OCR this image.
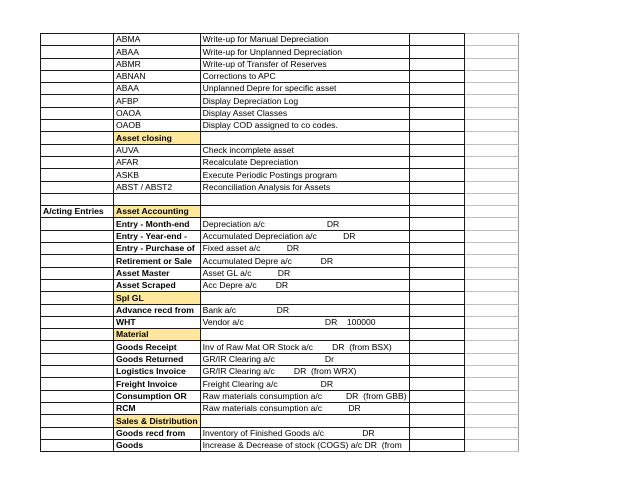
	ABMA	Write-up for Manual Depreciation		
	ABAA	Write-up for Unplanned Depreciation		
	ABMR	Write-up of Transfer of Reserves		
	ABNAN	Corrections to APC		
	ABAA	Unplanned Depre for specific asset		
	AFBP	Display Depreciation Log		
	OAOA	Display Asset Classes		
	OAOB	Display COD assigned to co codes.		
	Asset closing			
	AUVA	Check incomplete asset		
	AFAR	Recalculate Depreciation		
	ASKB	Execute Periodic Postings program		
	ABST / ABST2	Reconciliation Analysis for Assets		

A/cting Entries	Asset Accounting			
	Entry - Month-end	Depreciation a/c                          DR		
	Entry - Year-end -	Accumulated Depreciation a/c           DR		
	Entry - Purchase of	Fixed asset a/c           DR		
	Retirement or Sale	Accumulated Depre a/c            DR		
	Asset Master	Asset GL a/c           DR		
	Asset Scraped	Acc Depre a/c        DR		
	Spl GL			
	Advance recd from	Bank a/c                 DR		
	WHT	Vendor a/c                                  DR    100000		
	Material			
	Goods Receipt	Inv of Raw Mat OR Stock a/c        DR  (from BSX)		
	Goods Returned	GR/IR Clearing a/c                     Dr		
	Logistics Invoice	GR/IR Clearing a/c        DR  (from WRX)		
	Freight Invoice	Freight Clearing a/c                  DR		
	Consumption OR	Raw materials consumption a/c          DR  (from GBB)		
	RCM	Raw materials consumption a/c           DR		
	Sales & Distribution			
	Goods recd from	Inventory of Finished Goods a/c                DR		
	Goods	Increase & Decrease of stock (COGS) a/c DR  (from		
